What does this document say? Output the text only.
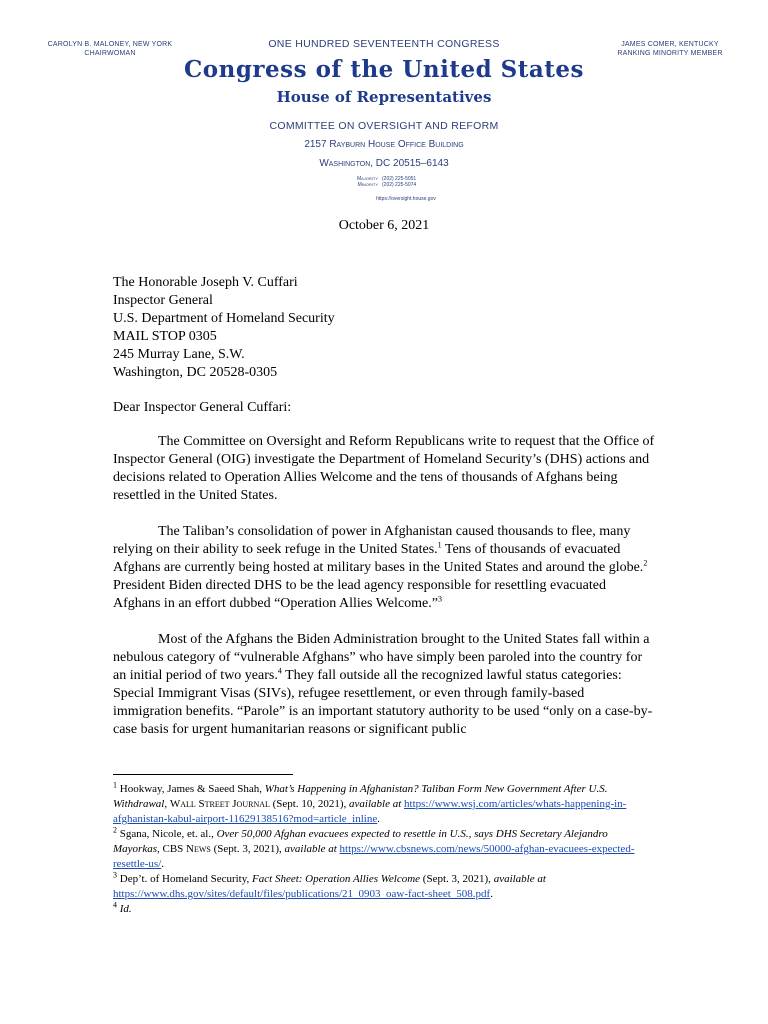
CAROLYN B. MALONEY, NEW YORK
CHAIRWOMAN
ONE HUNDRED SEVENTEENTH CONGRESS	JAMES COMER, KENTUCKY
RANKING MINORITY MEMBER
Congress of the United States
House of Representatives
COMMITTEE ON OVERSIGHT AND REFORM
2157 Rayburn House Office Building
Washington, DC 20515–6143
Majority (202) 225-5051
Minority (202) 225-5074
https://oversight.house.gov
October 6, 2021
The Honorable Joseph V. Cuffari
Inspector General
U.S. Department of Homeland Security
MAIL STOP 0305
245 Murray Lane, S.W.
Washington, DC 20528-0305
Dear Inspector General Cuffari:

The Committee on Oversight and Reform Republicans write to request that the Office of Inspector General (OIG) investigate the Department of Homeland Security’s (DHS) actions and decisions related to Operation Allies Welcome and the tens of thousands of Afghans being resettled in the United States.

The Taliban’s consolidation of power in Afghanistan caused thousands to flee, many relying on their ability to seek refuge in the United States.$^1$ Tens of thousands of evacuated Afghans are currently being hosted at military bases in the United States and around the globe.$^2$ President Biden directed DHS to be the lead agency responsible for resettling evacuated Afghans in an effort dubbed “Operation Allies Welcome.”$^3$

Most of the Afghans the Biden Administration brought to the United States fall within a nebulous category of “vulnerable Afghans” who have simply been paroled into the country for an initial period of two years.$^4$ They fall outside all the recognized lawful status categories: Special Immigrant Visas (SIVs), refugee resettlement, or even through family-based immigration benefits. “Parole” is an important statutory authority to be used “only on a case-by-case basis for urgent humanitarian reasons or significant public

$^1$ Hookway, James & Saeed Shah, What’s Happening in Afghanistan? Taliban Form New Government After U.S. Withdrawal, Wall Street Journal (Sept. 10, 2021), available at https://www.wsj.com/articles/whats-happening-in-afghanistan-kabul-airport-11629138516?mod=article_inline.

$^2$ Sgana, Nicole, et. al., Over 50,000 Afghan evacuees expected to resettle in U.S., says DHS Secretary Alejandro Mayorkas, CBS News (Sept. 3, 2021), available at https://www.cbsnews.com/news/50000-afghan-evacuees-expected-resettle-us/.

$^3$ Dep’t. of Homeland Security, Fact Sheet: Operation Allies Welcome (Sept. 3, 2021), available at https://www.dhs.gov/sites/default/files/publications/21_0903_oaw-fact-sheet_508.pdf.

$^4$ Id.
